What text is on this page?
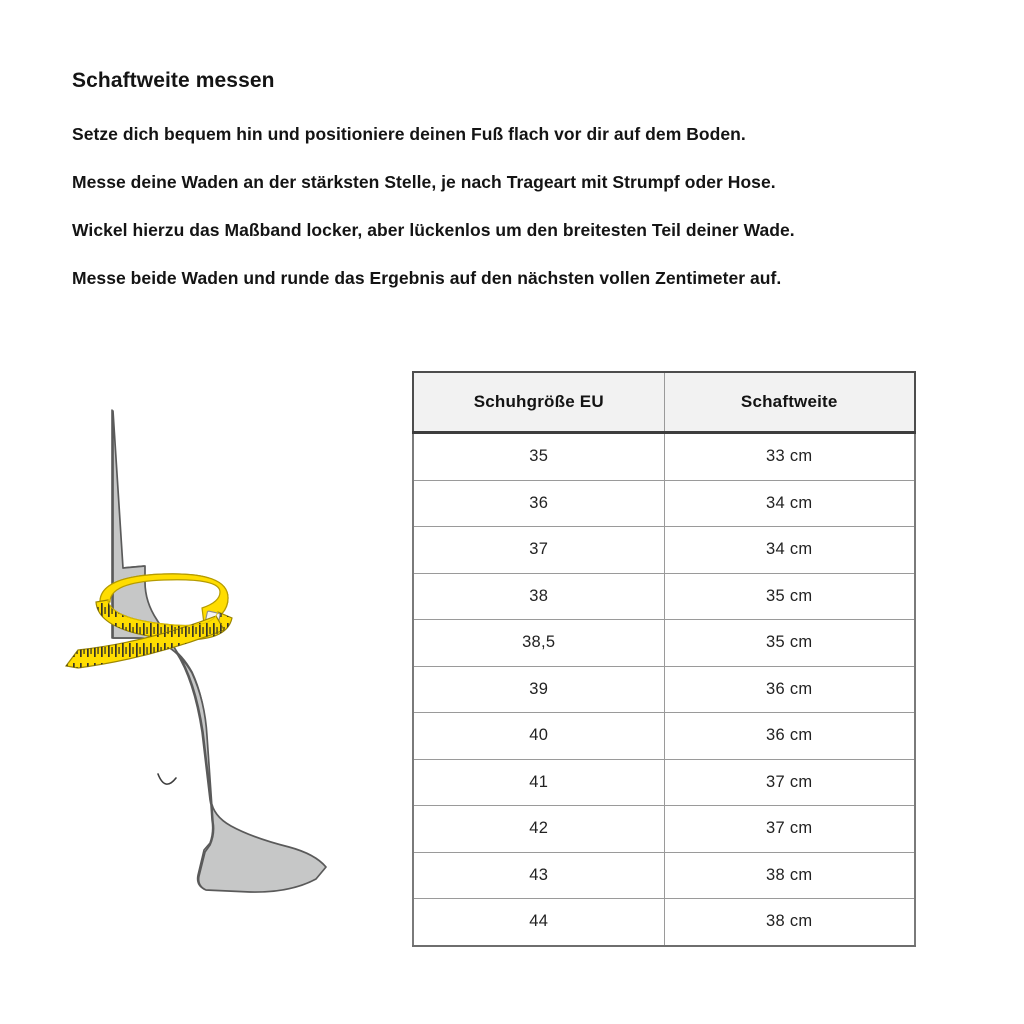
Schaftweite messen

Setze dich bequem hin und positioniere deinen Fuß flach vor dir auf dem Boden.

Messe deine Waden an der stärksten Stelle, je nach Trageart mit Strumpf oder Hose.

Wickel hierzu das Maßband locker, aber lückenlos um den breitesten Teil deiner Wade.

Messe beide Waden und runde das Ergebnis auf den nächsten vollen Zentimeter auf.

Schuhgröße EU	Schaftweite
35	33 cm
36	34 cm
37	34 cm
38	35 cm
38,5	35 cm
39	36 cm
40	36 cm
41	37 cm
42	37 cm
43	38 cm
44	38 cm
